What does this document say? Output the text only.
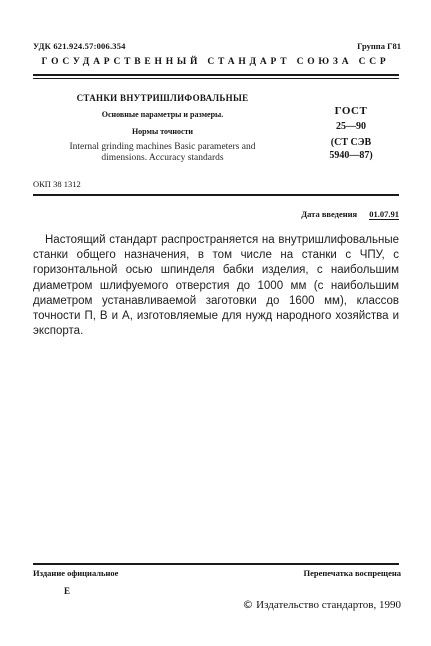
УДК 621.924.57:006.354	Группа Г81
ГОСУДАРСТВЕННЫЙ СТАНДАРТ СОЮЗА ССР
СТАНКИ ВНУТРИШЛИФОВАЛЬНЫЕ
Основные параметры и размеры.
Нормы точности
Internal grinding machines Basic parameters and
dimensions. Accuracy standards
ГОСТ
25—90
(СТ СЭВ
5940—87)
ОКП 38 1312
Дата введения 01.07.91
Настоящий стандарт распространяется на внутришлифовальные станки общего назначения, в том числе на станки с ЧПУ, с горизонтальной осью шпинделя бабки изделия, с наибольшим диаметром шлифуемого отверстия до 1000 мм (с наибольшим диаметром устанавливаемой заготовки до 1600 мм), классов точности П, В и А, изготовляемые для нужд народного хозяйства и экспорта.
Издание официальное	Перепечатка воспрещена
Е
© Издательство стандартов, 1990
